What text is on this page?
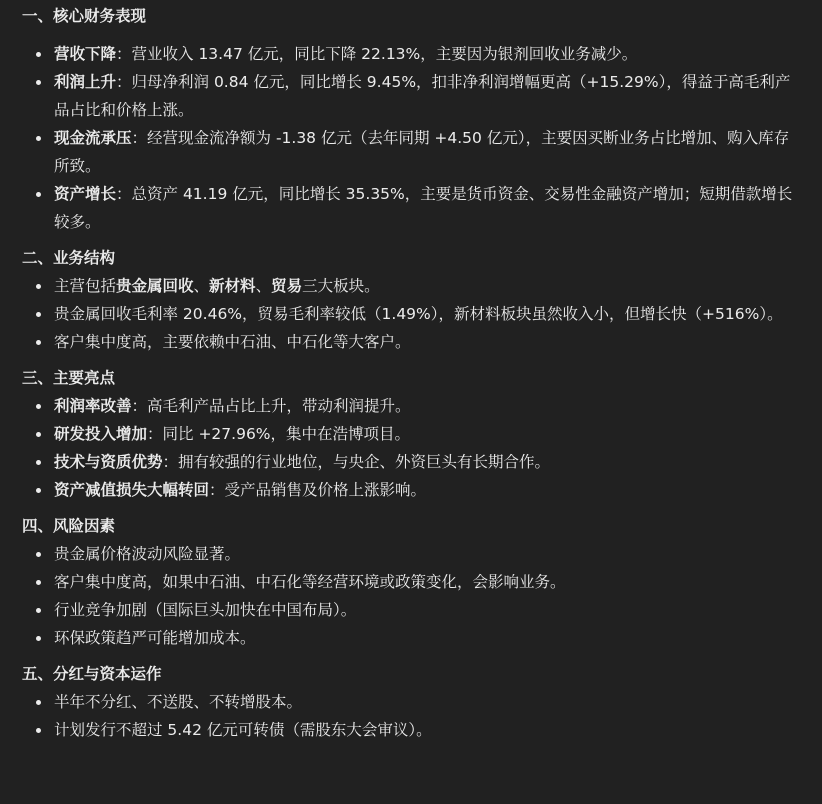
一、核心财务表现
营收下降：营业收入 13.47 亿元，同比下降 22.13%，主要因为银剂回收业务减少。
利润上升：归母净利润 0.84 亿元，同比增长 9.45%，扣非净利润增幅更高（+15.29%），得益于高毛利产品占比和价格上涨。
现金流承压：经营现金流净额为 -1.38 亿元（去年同期 +4.50 亿元），主要因买断业务占比增加、购入库存所致。
资产增长：总资产 41.19 亿元，同比增长 35.35%，主要是货币资金、交易性金融资产增加；短期借款增长较多。
二、业务结构
主营包括贵金属回收、新材料、贸易三大板块。
贵金属回收毛利率 20.46%，贸易毛利率较低（1.49%），新材料板块虽然收入小，但增长快（+516%）。
客户集中度高，主要依赖中石油、中石化等大客户。
三、主要亮点
利润率改善：高毛利产品占比上升，带动利润提升。
研发投入增加：同比 +27.96%，集中在浩博项目。
技术与资质优势：拥有较强的行业地位，与央企、外资巨头有长期合作。
资产减值损失大幅转回：受产品销售及价格上涨影响。
四、风险因素
贵金属价格波动风险显著。
客户集中度高，如果中石油、中石化等经营环境或政策变化，会影响业务。
行业竞争加剧（国际巨头加快在中国布局）。
环保政策趋严可能增加成本。
五、分红与资本运作
半年不分红、不送股、不转增股本。
计划发行不超过 5.42 亿元可转债（需股东大会审议）。
